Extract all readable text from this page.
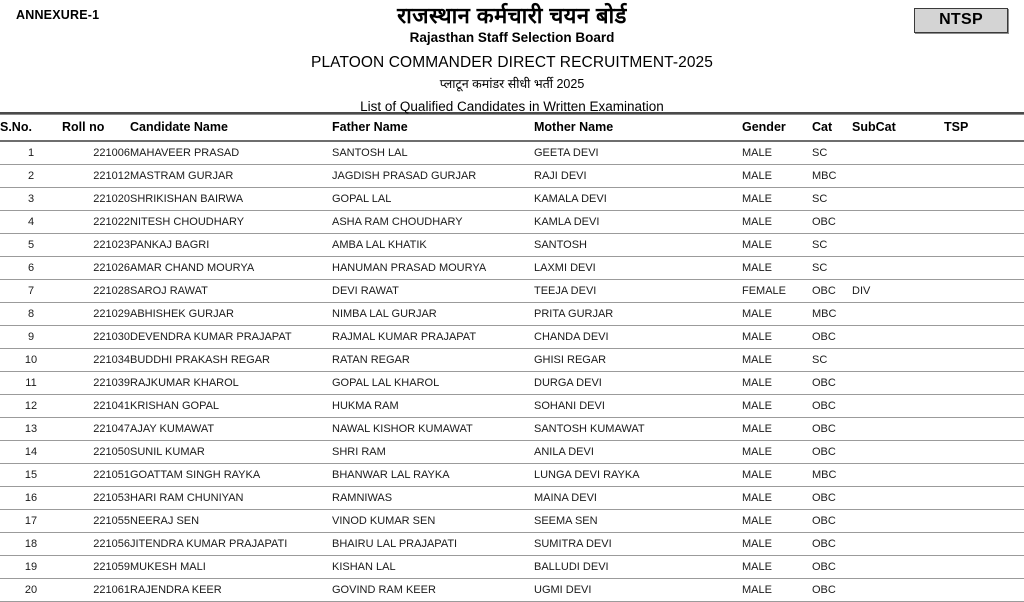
ANNEXURE-1	NTSP
राजस्थान कर्मचारी चयन बोर्ड
Rajasthan Staff Selection Board
PLATOON COMMANDER DIRECT RECRUITMENT-2025
प्लाटून कमांडर सीधी भर्ती 2025
List of Qualified Candidates in Written Examination
S.No.	Roll no	Candidate Name	Father Name	Mother Name	Gender	Cat	SubCat	TSP
1	221006	MAHAVEER PRASAD	SANTOSH LAL	GEETA DEVI	MALE	SC		
2	221012	MASTRAM GURJAR	JAGDISH PRASAD GURJAR	RAJI DEVI	MALE	MBC		
3	221020	SHRIKISHAN BAIRWA	GOPAL LAL	KAMALA DEVI	MALE	SC		
4	221022	NITESH CHOUDHARY	ASHA RAM CHOUDHARY	KAMLA DEVI	MALE	OBC		
5	221023	PANKAJ BAGRI	AMBA LAL KHATIK	SANTOSH	MALE	SC		
6	221026	AMAR CHAND MOURYA	HANUMAN PRASAD MOURYA	LAXMI DEVI	MALE	SC		
7	221028	SAROJ RAWAT	DEVI RAWAT	TEEJA DEVI	FEMALE	OBC	DIV	
8	221029	ABHISHEK GURJAR	NIMBA LAL GURJAR	PRITA GURJAR	MALE	MBC		
9	221030	DEVENDRA KUMAR PRAJAPAT	RAJMAL KUMAR PRAJAPAT	CHANDA DEVI	MALE	OBC		
10	221034	BUDDHI PRAKASH REGAR	RATAN REGAR	GHISI REGAR	MALE	SC		
11	221039	RAJKUMAR KHAROL	GOPAL LAL KHAROL	DURGA DEVI	MALE	OBC		
12	221041	KRISHAN GOPAL	HUKMA RAM	SOHANI DEVI	MALE	OBC		
13	221047	AJAY KUMAWAT	NAWAL KISHOR KUMAWAT	SANTOSH KUMAWAT	MALE	OBC		
14	221050	SUNIL KUMAR	SHRI RAM	ANILA DEVI	MALE	OBC		
15	221051	GOATTAM SINGH RAYKA	BHANWAR LAL RAYKA	LUNGA DEVI RAYKA	MALE	MBC		
16	221053	HARI RAM CHUNIYAN	RAMNIWAS	MAINA DEVI	MALE	OBC		
17	221055	NEERAJ SEN	VINOD KUMAR SEN	SEEMA SEN	MALE	OBC		
18	221056	JITENDRA KUMAR PRAJAPATI	BHAIRU LAL PRAJAPATI	SUMITRA DEVI	MALE	OBC		
19	221059	MUKESH MALI	KISHAN LAL	BALLUDI DEVI	MALE	OBC		
20	221061	RAJENDRA KEER	GOVIND RAM KEER	UGMI DEVI	MALE	OBC		
